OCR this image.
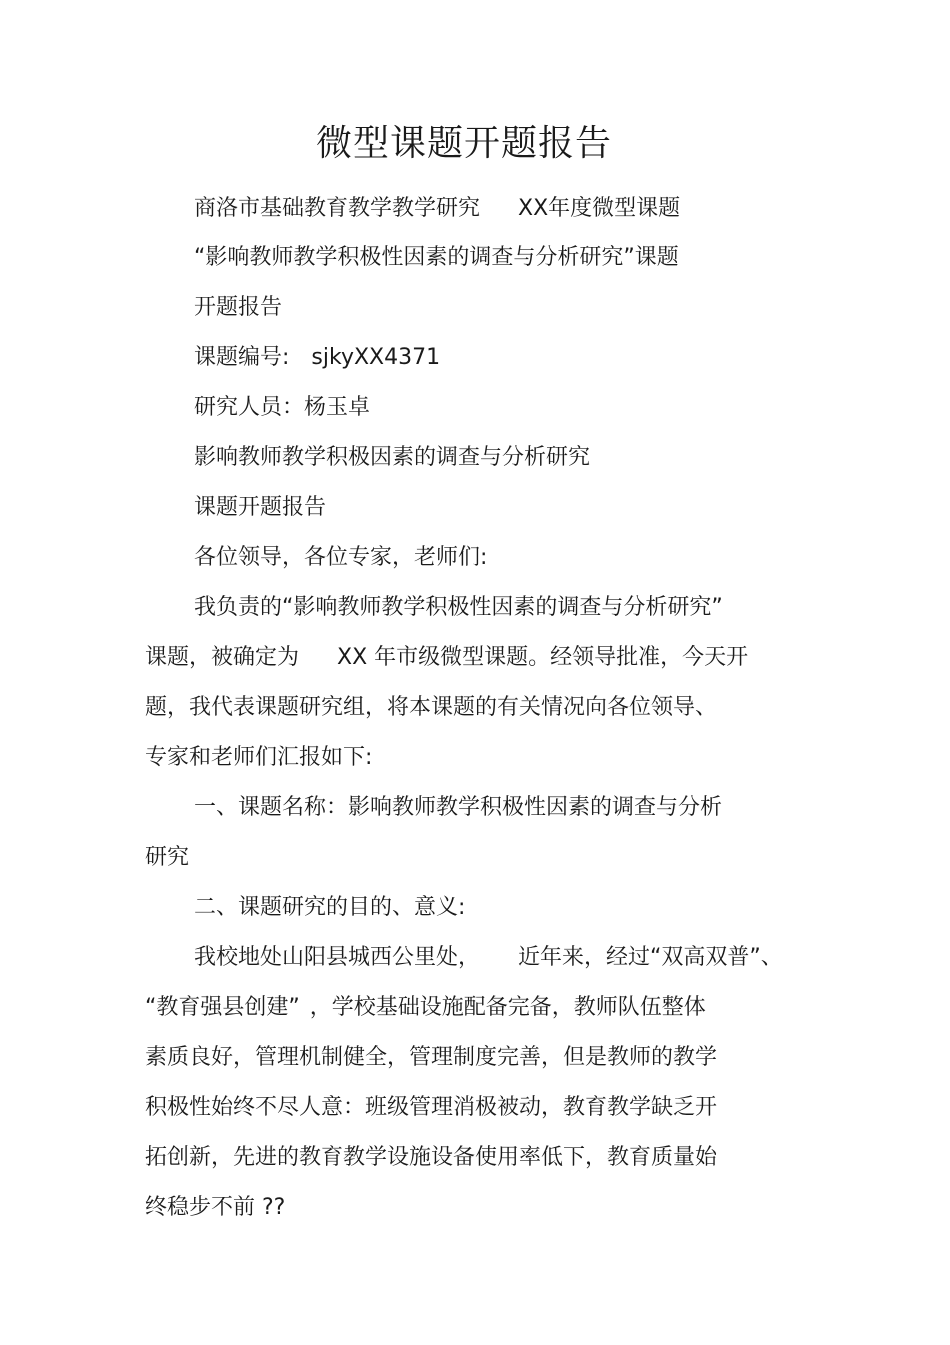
微型课题开题报告
商洛市基础教育教学教学研究 XX年度微型课题
“影响教师教学积极性因素的调查与分析研究”课题
开题报告
课题编号: sjkyXX4371
研究人员：杨玉卓
影响教师教学积极因素的调查与分析研究
课题开题报告
各位领导，各位专家，老师们:
我负责的“影响教师教学积极性因素的调查与分析研究”
课题，被确定为 XX 年市级微型课题。经领导批准，今天开
题，我代表课题研究组，将本课题的有关情况向各位领导、
专家和老师们汇报如下:
一、课题名称：影响教师教学积极性因素的调查与分析
研究
二、课题研究的目的、意义:
我校地处山阳县城西公里处， 近年来，经过“双高双普”、
“教育强县创建” ，学校基础设施配备完备，教师队伍整体
素质良好，管理机制健全，管理制度完善，但是教师的教学
积极性始终不尽人意：班级管理消极被动，教育教学缺乏开
拓创新，先进的教育教学设施设备使用率低下，教育质量始
终稳步不前 ??
